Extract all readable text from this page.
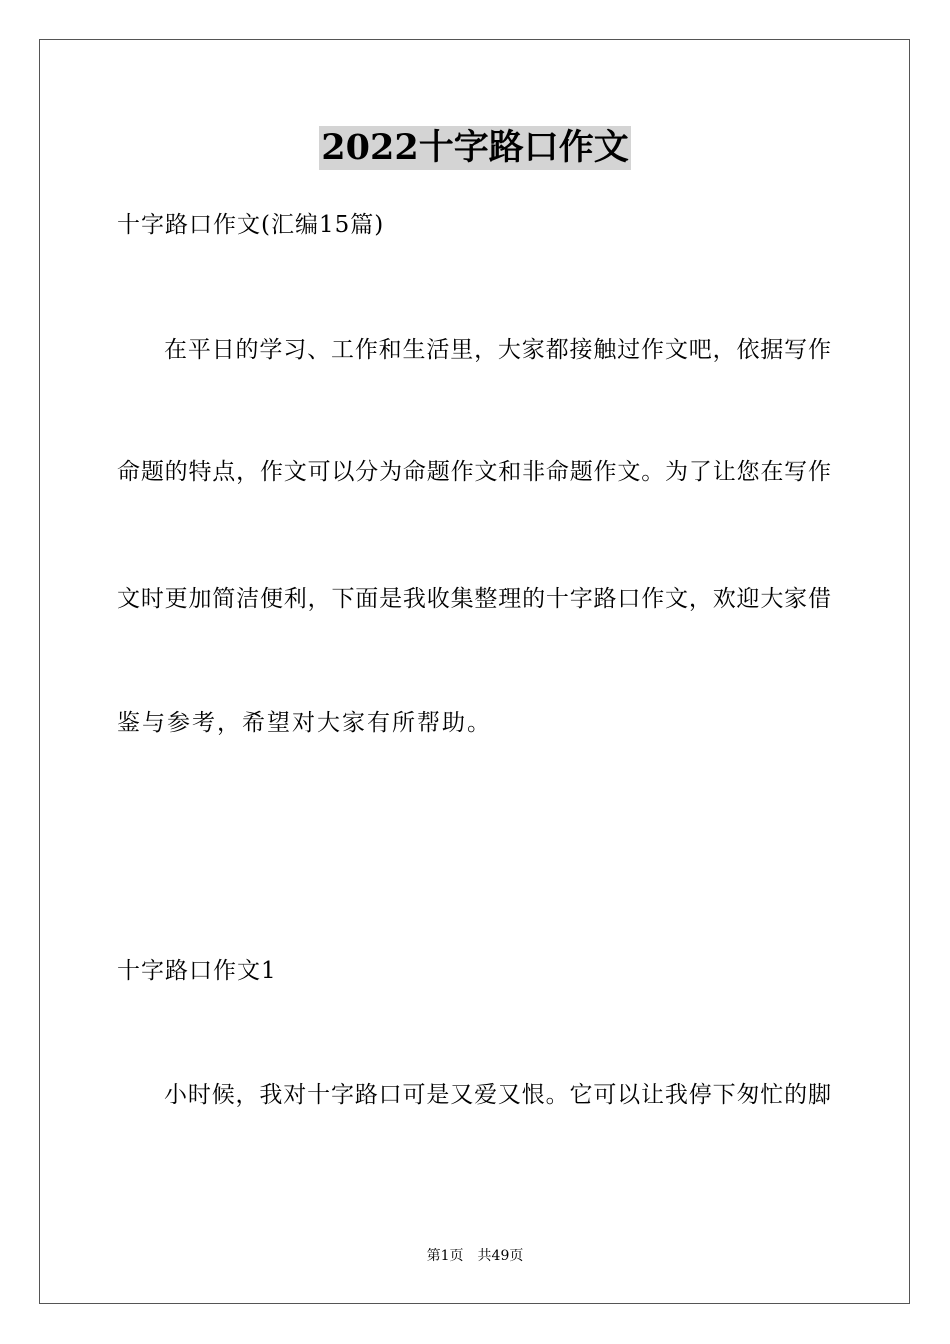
2022十字路口作文
十字路口作文(汇编15篇)
在平日的学习、工作和生活里，大家都接触过作文吧，依据写作
命题的特点，作文可以分为命题作文和非命题作文。为了让您在写作
文时更加简洁便利，下面是我收集整理的十字路口作文，欢迎大家借
鉴与参考，希望对大家有所帮助。
十字路口作文1
小时候，我对十字路口可是又爱又恨。它可以让我停下匆忙的脚
第1页 共49页
